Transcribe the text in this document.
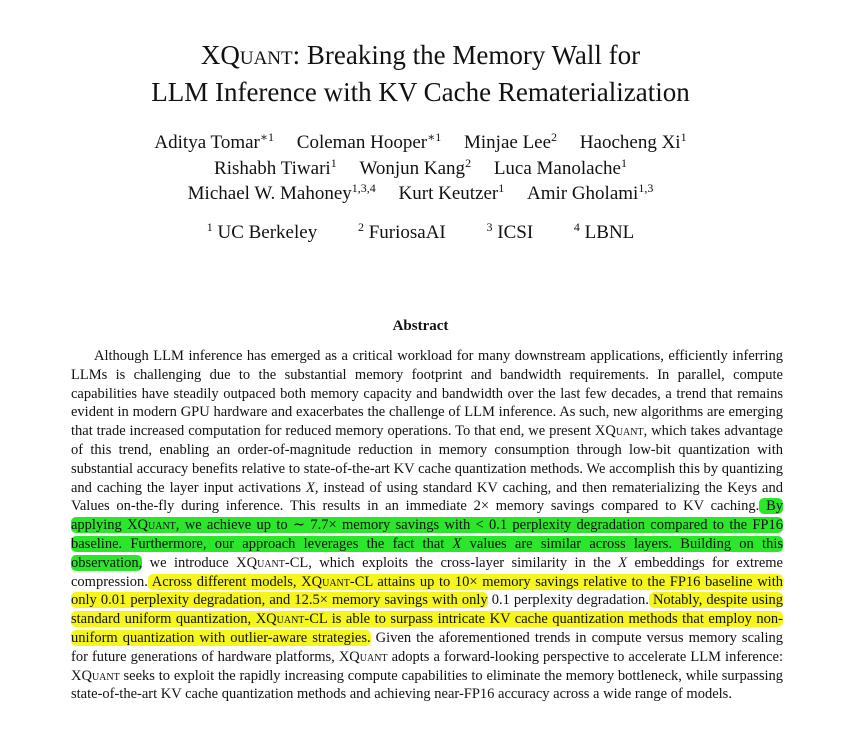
XQuant: Breaking the Memory Wall for
LLM Inference with KV Cache Rematerialization
Aditya Tomar$^{∗1}$ Coleman Hooper$^{∗1}$ Minjae Lee$^2$ Haocheng Xi$^1$
Rishabh Tiwari$^1$ Wonjun Kang$^2$ Luca Manolache$^1$
Michael W. Mahoney$^{1,3,4}$ Kurt Keutzer$^1$ Amir Gholami$^{1,3}$
$^1$ UC Berkeley	$^2$ FuriosaAI	$^3$ ICSI	$^4$ LBNL
Abstract

Although LLM inference has emerged as a critical workload for many downstream applications, efficiently inferring LLMs is challenging due to the substantial memory footprint and bandwidth requirements. In parallel, compute capabilities have steadily outpaced both memory capacity and bandwidth over the last few decades, a trend that remains evident in modern GPU hardware and exacerbates the challenge of LLM inference. As such, new algorithms are emerging that trade increased computation for reduced memory operations. To that end, we present XQuant, which takes advantage of this trend, enabling an order-of-magnitude reduction in memory consumption through low-bit quantization with substantial accuracy benefits relative to state-of-the-art KV cache quantization methods. We accomplish this by quantizing and caching the layer input activations X, instead of using standard KV caching, and then rematerializing the Keys and Values on-the-fly during inference. This results in an immediate 2× memory savings compared to KV caching. By applying XQuant, we achieve up to ∼ 7.7× memory savings with < 0.1 perplexity degradation compared to the FP16 baseline. Furthermore, our approach leverages the fact that X values are similar across layers. Building on this observation, we introduce XQuant-CL, which exploits the cross-layer similarity in the X embeddings for extreme compression. Across different models, XQuant-CL attains up to 10× memory savings relative to the FP16 baseline with only 0.01 perplexity degradation, and 12.5× memory savings with only 0.1 perplexity degradation. Notably, despite using standard uniform quantization, XQuant-CL is able to surpass intricate KV cache quantization methods that employ non-uniform quantization with outlier-aware strategies. Given the aforementioned trends in compute versus memory scaling for future generations of hardware platforms, XQuant adopts a forward-looking perspective to accelerate LLM inference: XQuant seeks to exploit the rapidly increasing compute capabilities to eliminate the memory bottleneck, while surpassing state-of-the-art KV cache quantization methods and achieving near-FP16 accuracy across a wide range of models.
